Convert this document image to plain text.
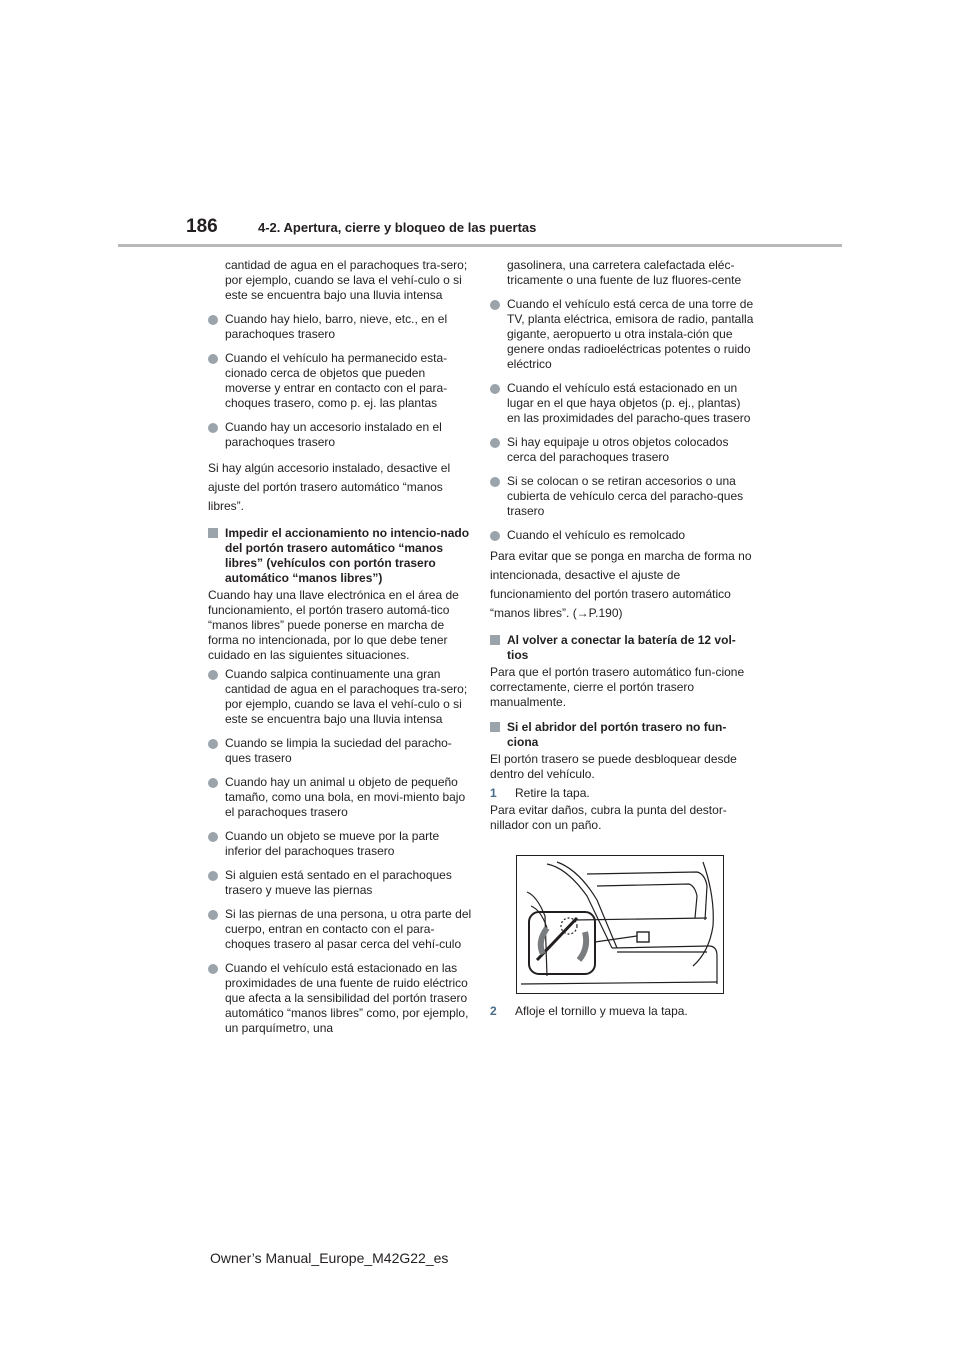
186	4-2. Apertura, cierre y bloqueo de las puertas
cantidad de agua en el parachoques tra-sero; por ejemplo, cuando se lava el vehí-culo o si este se encuentra bajo una lluvia intensa
Cuando hay hielo, barro, nieve, etc., en el parachoques trasero
Cuando el vehículo ha permanecido esta-cionado cerca de objetos que pueden moverse y entrar en contacto con el para-choques trasero, como p. ej. las plantas
Cuando hay un accesorio instalado en el parachoques trasero

Si hay algún accesorio instalado, desactive el ajuste del portón trasero automático “manos libres”.

Impedir el accionamiento no intencio-nado del portón trasero automático “manos libres” (vehículos con portón trasero automático “manos libres”)

Cuando hay una llave electrónica en el área de funcionamiento, el portón trasero automá-tico “manos libres” puede ponerse en marcha de forma no intencionada, por lo que debe tener cuidado en las siguientes situaciones.

Cuando salpica continuamente una gran cantidad de agua en el parachoques tra-sero; por ejemplo, cuando se lava el vehí-culo o si este se encuentra bajo una lluvia intensa
Cuando se limpia la suciedad del paracho-ques trasero
Cuando hay un animal u objeto de pequeño tamaño, como una bola, en movi-miento bajo el parachoques trasero
Cuando un objeto se mueve por la parte inferior del parachoques trasero
Si alguien está sentado en el parachoques trasero y mueve las piernas
Si las piernas de una persona, u otra parte del cuerpo, entran en contacto con el para-choques trasero al pasar cerca del vehí-culo
Cuando el vehículo está estacionado en las proximidades de una fuente de ruido eléctrico que afecta a la sensibilidad del portón trasero automático “manos libres” como, por ejemplo, un parquímetro, una
gasolinera, una carretera calefactada eléc-tricamente o una fuente de luz fluores-cente
Cuando el vehículo está cerca de una torre de TV, planta eléctrica, emisora de radio, pantalla gigante, aeropuerto u otra instala-ción que genere ondas radioeléctricas potentes o ruido eléctrico
Cuando el vehículo está estacionado en un lugar en el que haya objetos (p. ej., plantas) en las proximidades del paracho-ques trasero
Si hay equipaje u otros objetos colocados cerca del parachoques trasero
Si se colocan o se retiran accesorios o una cubierta de vehículo cerca del paracho-ques trasero
Cuando el vehículo es remolcado

Para evitar que se ponga en marcha de forma no intencionada, desactive el ajuste de funcionamiento del portón trasero automático “manos libres”. (→P.190)

Al volver a conectar la batería de 12 vol-tios

Para que el portón trasero automático fun-cione correctamente, cierre el portón trasero manualmente.

Si el abridor del portón trasero no fun-ciona

El portón trasero se puede desbloquear desde dentro del vehículo.

1 Retire la tapa.

Para evitar daños, cubra la punta del destor-nillador con un paño.

2 Afloje el tornillo y mueva la tapa.
Owner’s Manual_Europe_M42G22_es
